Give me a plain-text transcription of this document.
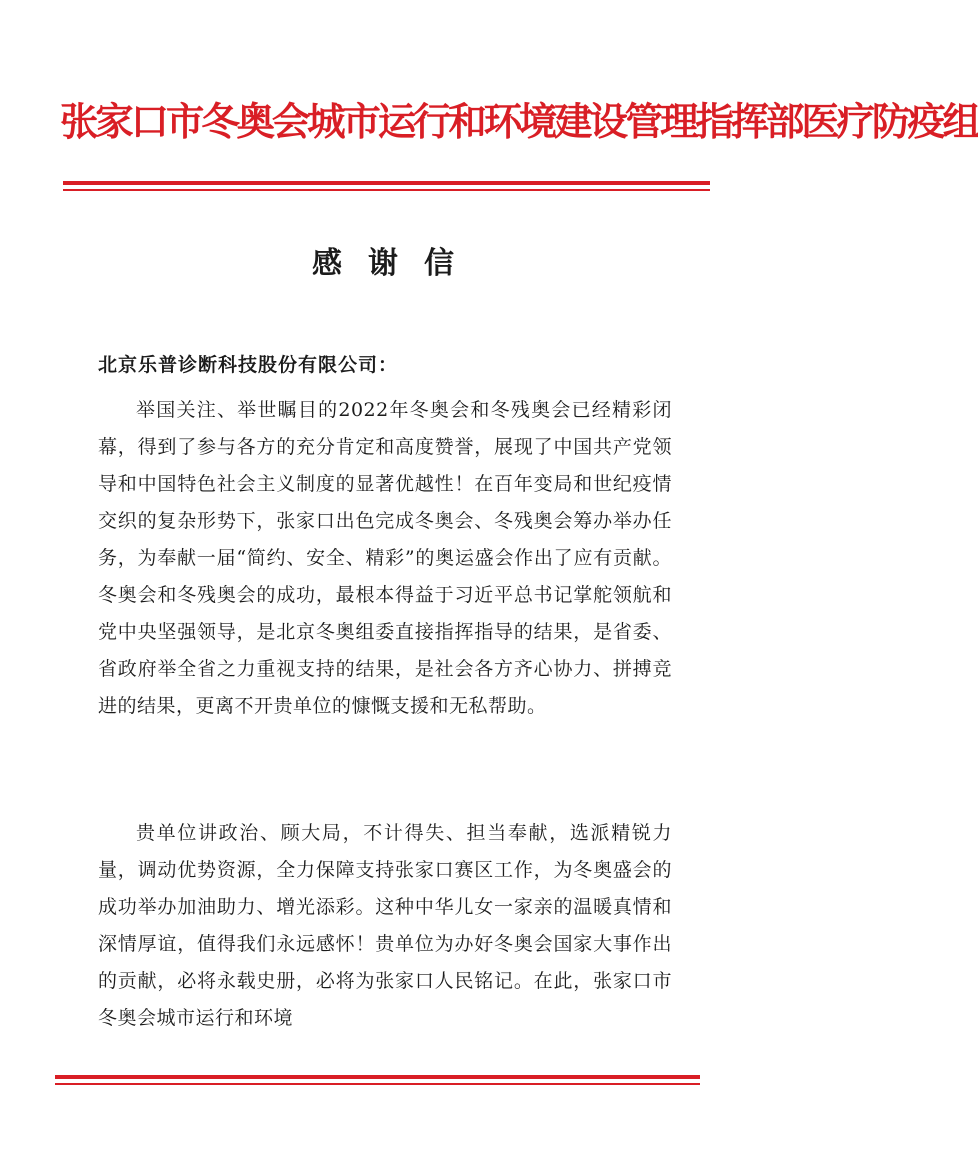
张家口市冬奥会城市运行和环境建设管理指挥部医疗防疫组
感谢信
北京乐普诊断科技股份有限公司：

举国关注、举世瞩目的2022年冬奥会和冬残奥会已经精彩闭幕，得到了参与各方的充分肯定和高度赞誉，展现了中国共产党领导和中国特色社会主义制度的显著优越性！在百年变局和世纪疫情交织的复杂形势下，张家口出色完成冬奥会、冬残奥会筹办举办任务，为奉献一届“简约、安全、精彩”的奥运盛会作出了应有贡献。冬奥会和冬残奥会的成功，最根本得益于习近平总书记掌舵领航和党中央坚强领导，是北京冬奥组委直接指挥指导的结果，是省委、省政府举全省之力重视支持的结果，是社会各方齐心协力、拼搏竞进的结果，更离不开贵单位的慷慨支援和无私帮助。

贵单位讲政治、顾大局，不计得失、担当奉献，选派精锐力量，调动优势资源，全力保障支持张家口赛区工作，为冬奥盛会的成功举办加油助力、增光添彩。这种中华儿女一家亲的温暖真情和深情厚谊，值得我们永远感怀！贵单位为办好冬奥会国家大事作出的贡献，必将永载史册，必将为张家口人民铭记。在此，张家口市冬奥会城市运行和环境
